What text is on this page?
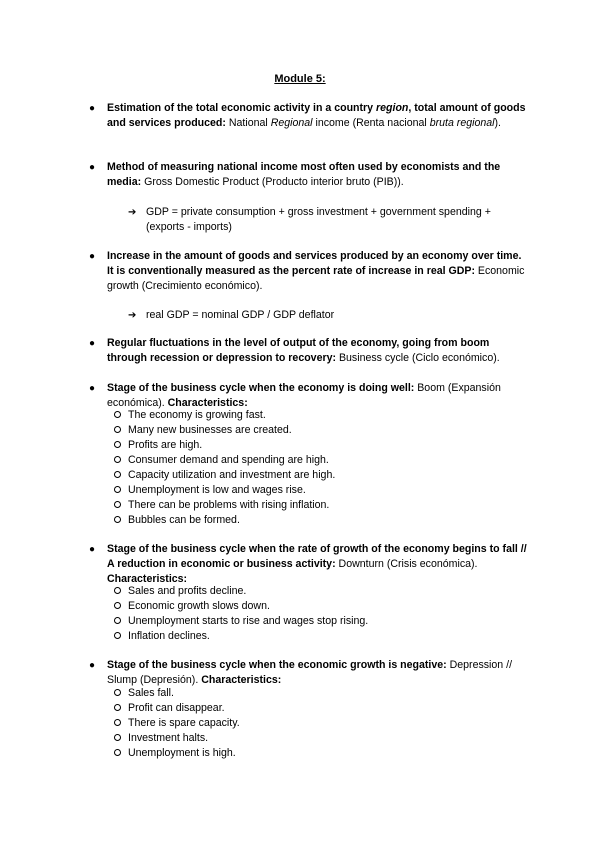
Module 5:
● Estimation of the total economic activity in a country region, total amount of goods and services produced: National Regional income (Renta nacional bruta regional).
● Method of measuring national income most often used by economists and the media: Gross Domestic Product (Producto interior bruto (PIB)).
➔ GDP = private consumption + gross investment + government spending + (exports - imports)
● Increase in the amount of goods and services produced by an economy over time. It is conventionally measured as the percent rate of increase in real GDP: Economic growth (Crecimiento económico).
➔ real GDP = nominal GDP / GDP deflator
● Regular fluctuations in the level of output of the economy, going from boom through recession or depression to recovery: Business cycle (Ciclo económico).
● Stage of the business cycle when the economy is doing well: Boom (Expansión económica). Characteristics:
The economy is growing fast.
Many new businesses are created.
Profits are high.
Consumer demand and spending are high.
Capacity utilization and investment are high.
Unemployment is low and wages rise.
There can be problems with rising inflation.
Bubbles can be formed.
● Stage of the business cycle when the rate of growth of the economy begins to fall // A reduction in economic or business activity: Downturn (Crisis económica). Characteristics:
Sales and profits decline.
Economic growth slows down.
Unemployment starts to rise and wages stop rising.
Inflation declines.
● Stage of the business cycle when the economic growth is negative: Depression // Slump (Depresión). Characteristics:
Sales fall.
Profit can disappear.
There is spare capacity.
Investment halts.
Unemployment is high.
